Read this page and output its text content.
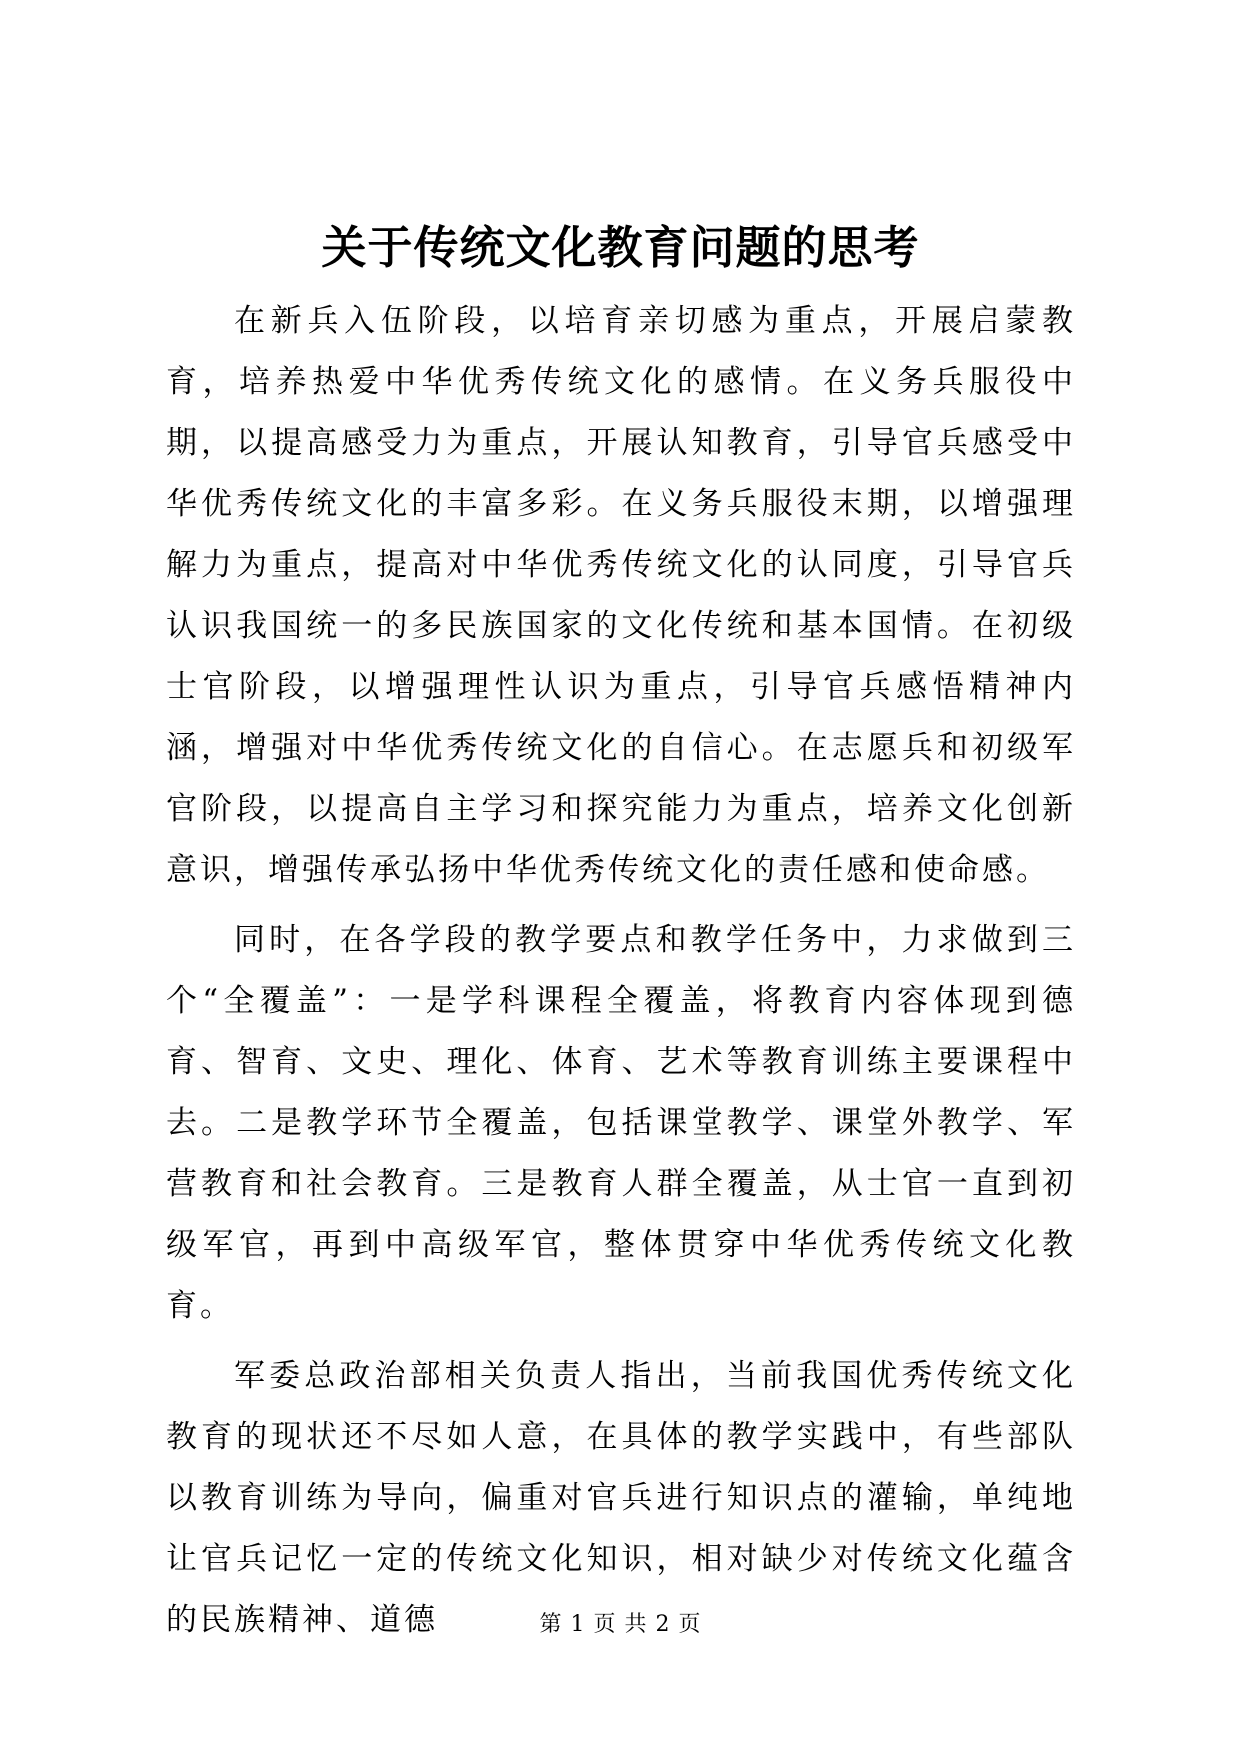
关于传统文化教育问题的思考

在新兵入伍阶段，以培育亲切感为重点，开展启蒙教育，培养热爱中华优秀传统文化的感情。在义务兵服役中期，以提高感受力为重点，开展认知教育，引导官兵感受中华优秀传统文化的丰富多彩。在义务兵服役末期，以增强理解力为重点，提高对中华优秀传统文化的认同度，引导官兵认识我国统一的多民族国家的文化传统和基本国情。在初级士官阶段，以增强理性认识为重点，引导官兵感悟精神内涵，增强对中华优秀传统文化的自信心。在志愿兵和初级军官阶段，以提高自主学习和探究能力为重点，培养文化创新意识，增强传承弘扬中华优秀传统文化的责任感和使命感。

同时，在各学段的教学要点和教学任务中，力求做到三个“全覆盖”：一是学科课程全覆盖，将教育内容体现到德育、智育、文史、理化、体育、艺术等教育训练主要课程中去。二是教学环节全覆盖，包括课堂教学、课堂外教学、军营教育和社会教育。三是教育人群全覆盖，从士官一直到初级军官，再到中高级军官，整体贯穿中华优秀传统文化教育。

军委总政治部相关负责人指出，当前我国优秀传统文化教育的现状还不尽如人意，在具体的教学实践中，有些部队以教育训练为导向，偏重对官兵进行知识点的灌输，单纯地让官兵记忆一定的传统文化知识，相对缺少对传统文化蕴含的民族精神、道德	第 1 页 共 2 页
